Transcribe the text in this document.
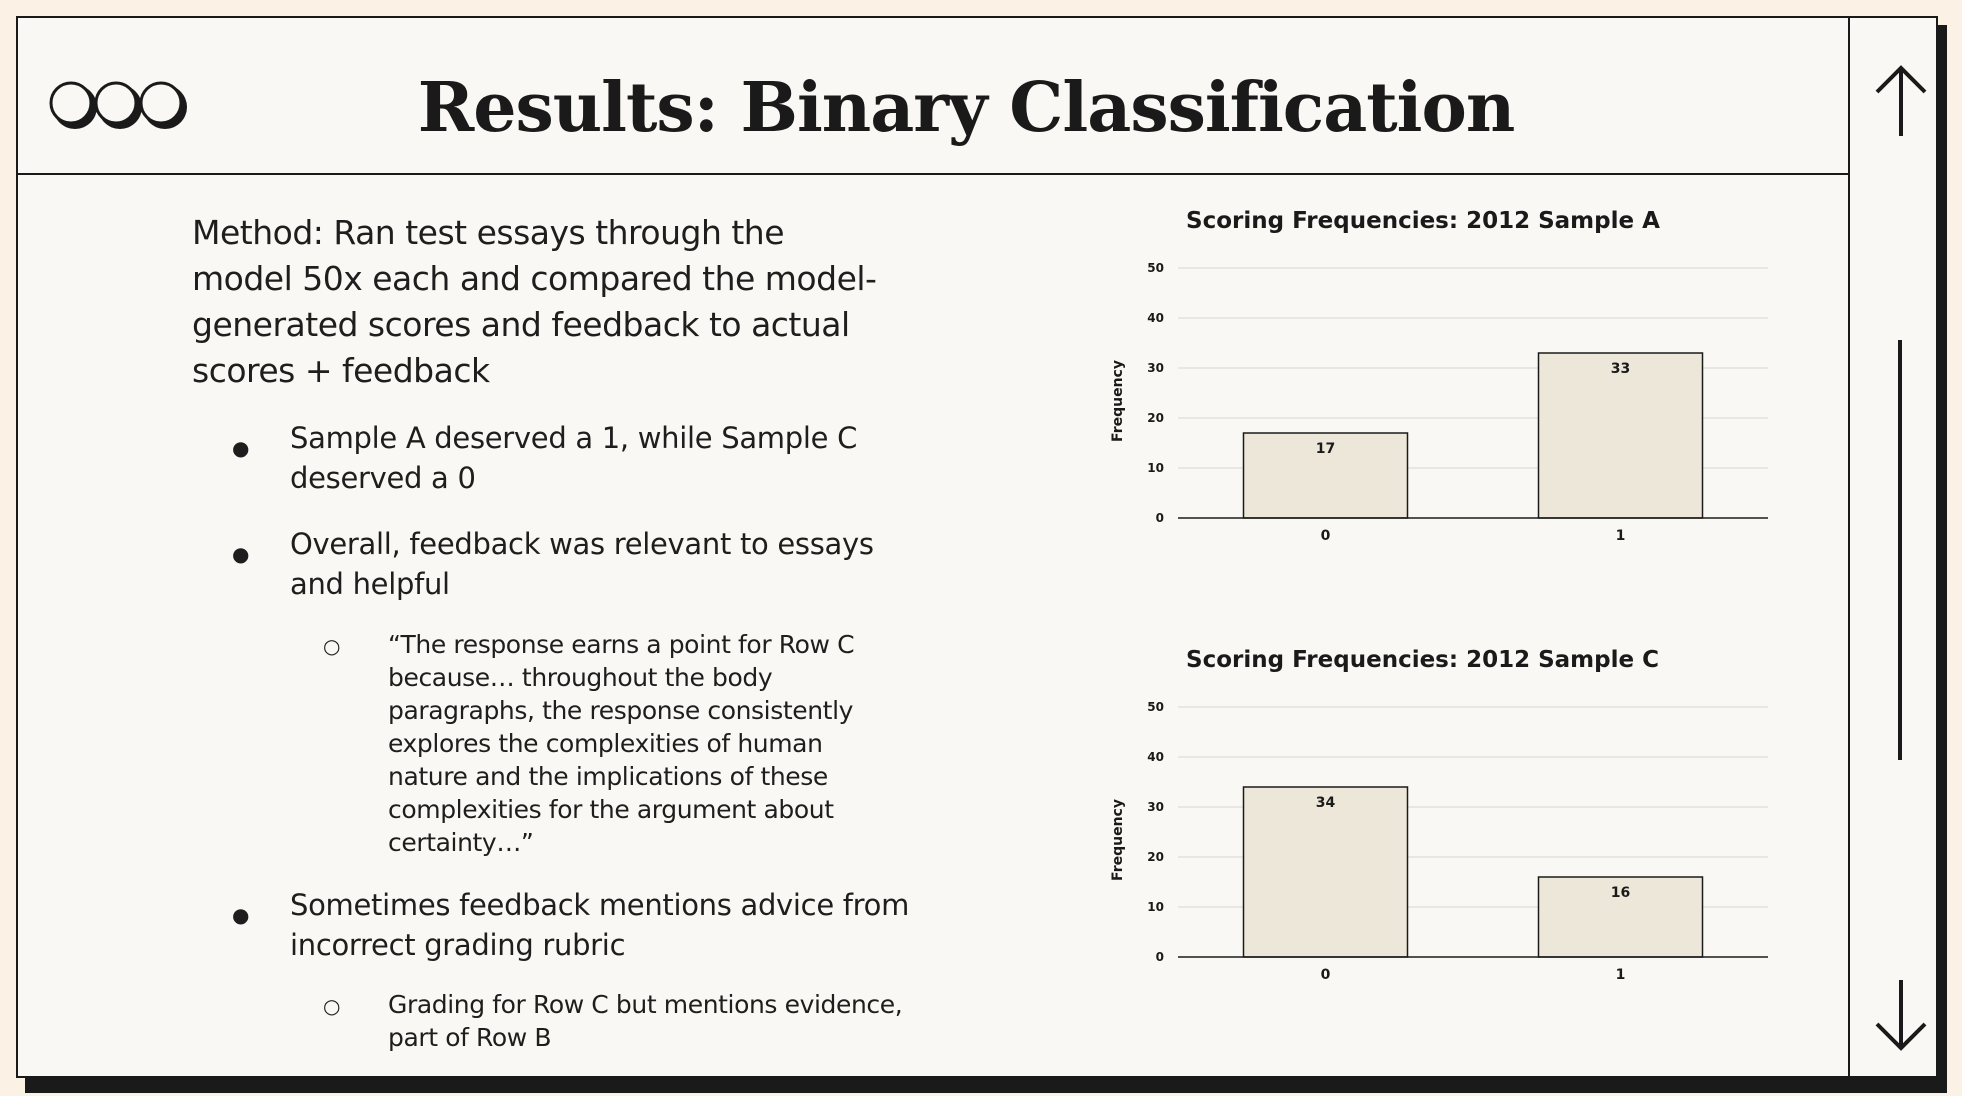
Results: Binary Classification

Method: Ran test essays through the model 50x each and compared the model-generated scores and feedback to actual scores + feedback

● Sample A deserved a 1, while Sample C deserved a 0

● Overall, feedback was relevant to essays and helpful

○ “The response earns a point for Row C because… throughout the body paragraphs, the response consistently explores the complexities of human nature and the implications of these complexities for the argument about certainty…”

● Sometimes feedback mentions advice from incorrect grading rubric

○ Grading for Row C but mentions evidence, part of Row B

Scoring Frequencies: 2012 Sample A
0
10
20
30
40
50
Frequency
17
0
33
1
Scoring Frequencies: 2012 Sample C
0
10
20
30
40
50
Frequency	34
0
16
1
